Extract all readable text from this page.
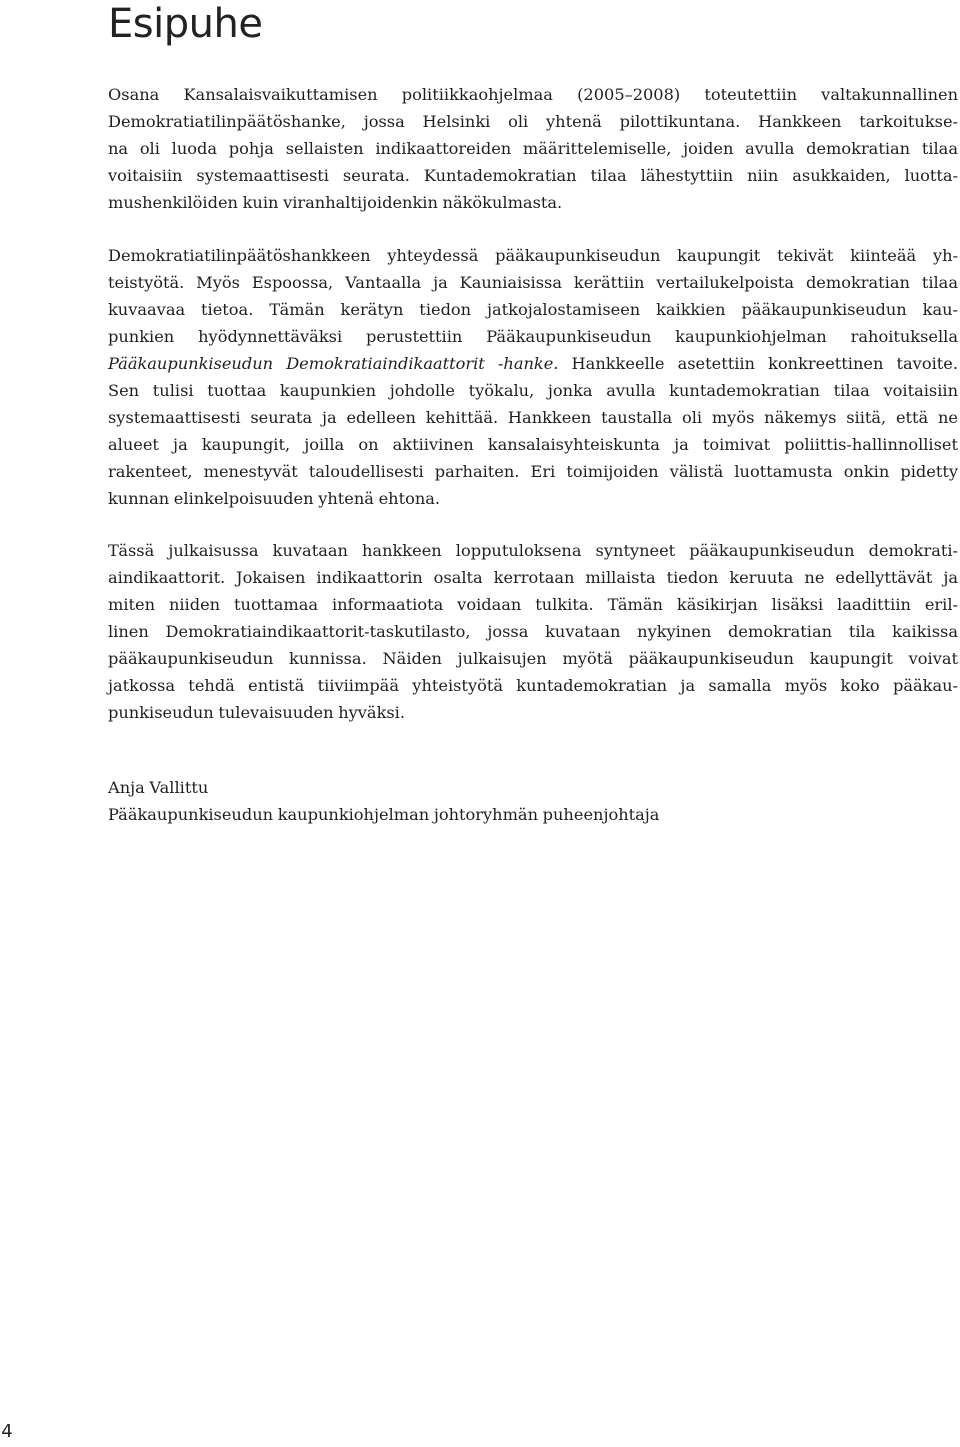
Esipuhe
Osana Kansalaisvaikuttamisen politiikkaohjelmaa (2005–2008) toteutettiin valtakunnallinen
Demokratiatilinpäätöshanke, jossa Helsinki oli yhtenä pilottikuntana. Hankkeen tarkoitukse-
na oli luoda pohja sellaisten indikaattoreiden määrittelemiselle, joiden avulla demokratian tilaa
voitaisiin systemaattisesti seurata. Kuntademokratian tilaa lähestyttiin niin asukkaiden, luotta-
mushenkilöiden kuin viranhaltijoidenkin näkökulmasta.
Demokratiatilinpäätöshankkeen yhteydessä pääkaupunkiseudun kaupungit tekivät kiinteää yh-
teistyötä. Myös Espoossa, Vantaalla ja Kauniaisissa kerättiin vertailukelpoista demokratian tilaa
kuvaavaa tietoa. Tämän kerätyn tiedon jatkojalostamiseen kaikkien pääkaupunkiseudun kau-
punkien hyödynnettäväksi perustettiin Pääkaupunkiseudun kaupunkiohjelman rahoituksella
Pääkaupunkiseudun Demokratiaindikaattorit -hanke. Hankkeelle asetettiin konkreettinen tavoite.
Sen tulisi tuottaa kaupunkien johdolle työkalu, jonka avulla kuntademokratian tilaa voitaisiin
systemaattisesti seurata ja edelleen kehittää. Hankkeen taustalla oli myös näkemys siitä, että ne
alueet ja kaupungit, joilla on aktiivinen kansalaisyhteiskunta ja toimivat poliittis-hallinnolliset
rakenteet, menestyvät taloudellisesti parhaiten. Eri toimijoiden välistä luottamusta onkin pidetty
kunnan elinkelpoisuuden yhtenä ehtona.
Tässä julkaisussa kuvataan hankkeen lopputuloksena syntyneet pääkaupunkiseudun demokrati-
aindikaattorit. Jokaisen indikaattorin osalta kerrotaan millaista tiedon keruuta ne edellyttävät ja
miten niiden tuottamaa informaatiota voidaan tulkita. Tämän käsikirjan lisäksi laadittiin eril-
linen Demokratiaindikaattorit-taskutilasto, jossa kuvataan nykyinen demokratian tila kaikissa
pääkaupunkiseudun kunnissa. Näiden julkaisujen myötä pääkaupunkiseudun kaupungit voivat
jatkossa tehdä entistä tiiviimpää yhteistyötä kuntademokratian ja samalla myös koko pääkau-
punkiseudun tulevaisuuden hyväksi.
Anja Vallittu
Pääkaupunkiseudun kaupunkiohjelman johtoryhmän puheenjohtaja
4
